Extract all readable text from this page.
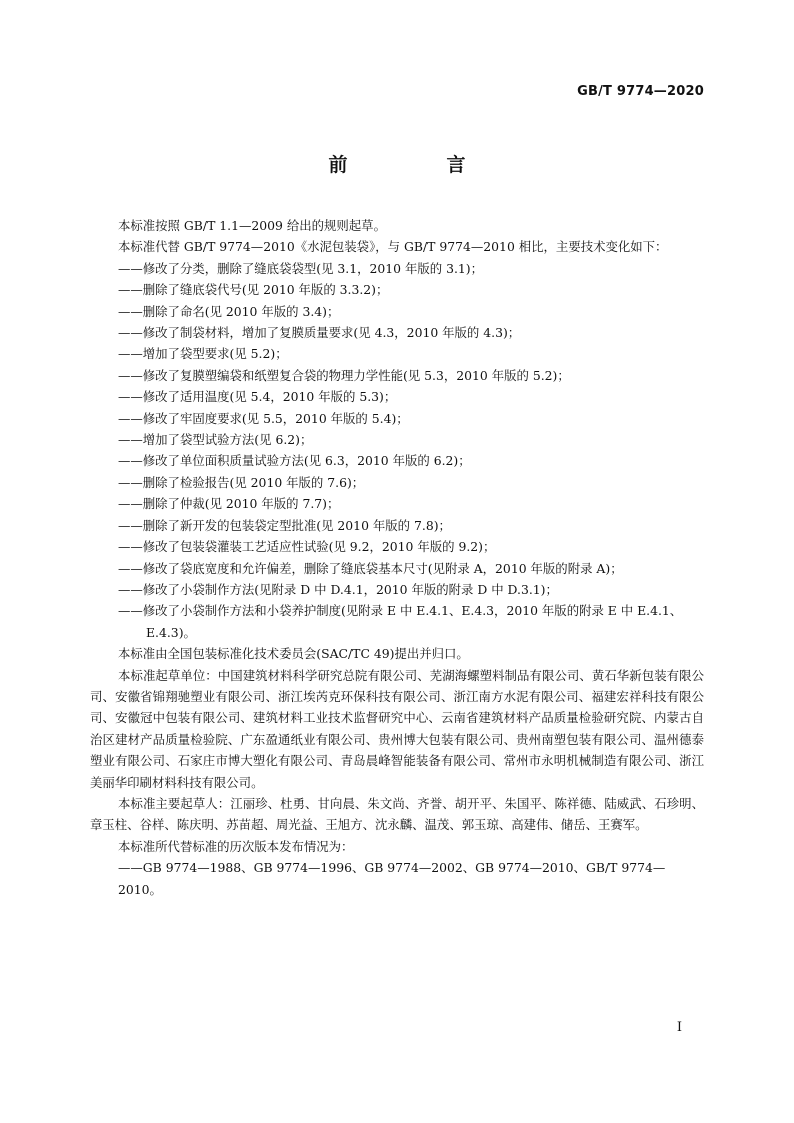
GB/T 9774—2020
前　言

本标准按照 GB/T 1.1—2009 给出的规则起草。

本标准代替 GB/T 9774—2010《水泥包装袋》，与 GB/T 9774—2010 相比，主要技术变化如下：

——修改了分类，删除了缝底袋袋型(见 3.1，2010 年版的 3.1)；

——删除了缝底袋代号(见 2010 年版的 3.3.2)；

——删除了命名(见 2010 年版的 3.4)；

——修改了制袋材料，增加了复膜质量要求(见 4.3，2010 年版的 4.3)；

——增加了袋型要求(见 5.2)；

——修改了复膜塑编袋和纸塑复合袋的物理力学性能(见 5.3，2010 年版的 5.2)；

——修改了适用温度(见 5.4，2010 年版的 5.3)；

——修改了牢固度要求(见 5.5，2010 年版的 5.4)；

——增加了袋型试验方法(见 6.2)；

——修改了单位面积质量试验方法(见 6.3，2010 年版的 6.2)；

——删除了检验报告(见 2010 年版的 7.6)；

——删除了仲裁(见 2010 年版的 7.7)；

——删除了新开发的包装袋定型批准(见 2010 年版的 7.8)；

——修改了包装袋灌装工艺适应性试验(见 9.2，2010 年版的 9.2)；

——修改了袋底宽度和允许偏差，删除了缝底袋基本尺寸(见附录 A，2010 年版的附录 A)；

——修改了小袋制作方法(见附录 D 中 D.4.1，2010 年版的附录 D 中 D.3.1)；

——修改了小袋制作方法和小袋养护制度(见附录 E 中 E.4.1、E.4.3，2010 年版的附录 E 中 E.4.1、E.4.3)。

本标准由全国包装标准化技术委员会(SAC/TC 49)提出并归口。

本标准起草单位：中国建筑材料科学研究总院有限公司、芜湖海螺塑料制品有限公司、黄石华新包装有限公司、安徽省锦翔驰塑业有限公司、浙江埃芮克环保科技有限公司、浙江南方水泥有限公司、福建宏祥科技有限公司、安徽冠中包装有限公司、建筑材料工业技术监督研究中心、云南省建筑材料产品质量检验研究院、内蒙古自治区建材产品质量检验院、广东盈通纸业有限公司、贵州博大包装有限公司、贵州南塑包装有限公司、温州德泰塑业有限公司、石家庄市博大塑化有限公司、青岛晨峰智能装备有限公司、常州市永明机械制造有限公司、浙江美丽华印刷材料科技有限公司。

本标准主要起草人：江丽珍、杜勇、甘向晨、朱文尚、齐誉、胡开平、朱国平、陈祥德、陆威武、石珍明、章玉柱、谷样、陈庆明、苏苗超、周光益、王旭方、沈永麟、温茂、郭玉琼、高建伟、储岳、王赛军。

本标准所代替标准的历次版本发布情况为：

——GB 9774—1988、GB 9774—1996、GB 9774—2002、GB 9774—2010、GB/T 9774—2010。

I
